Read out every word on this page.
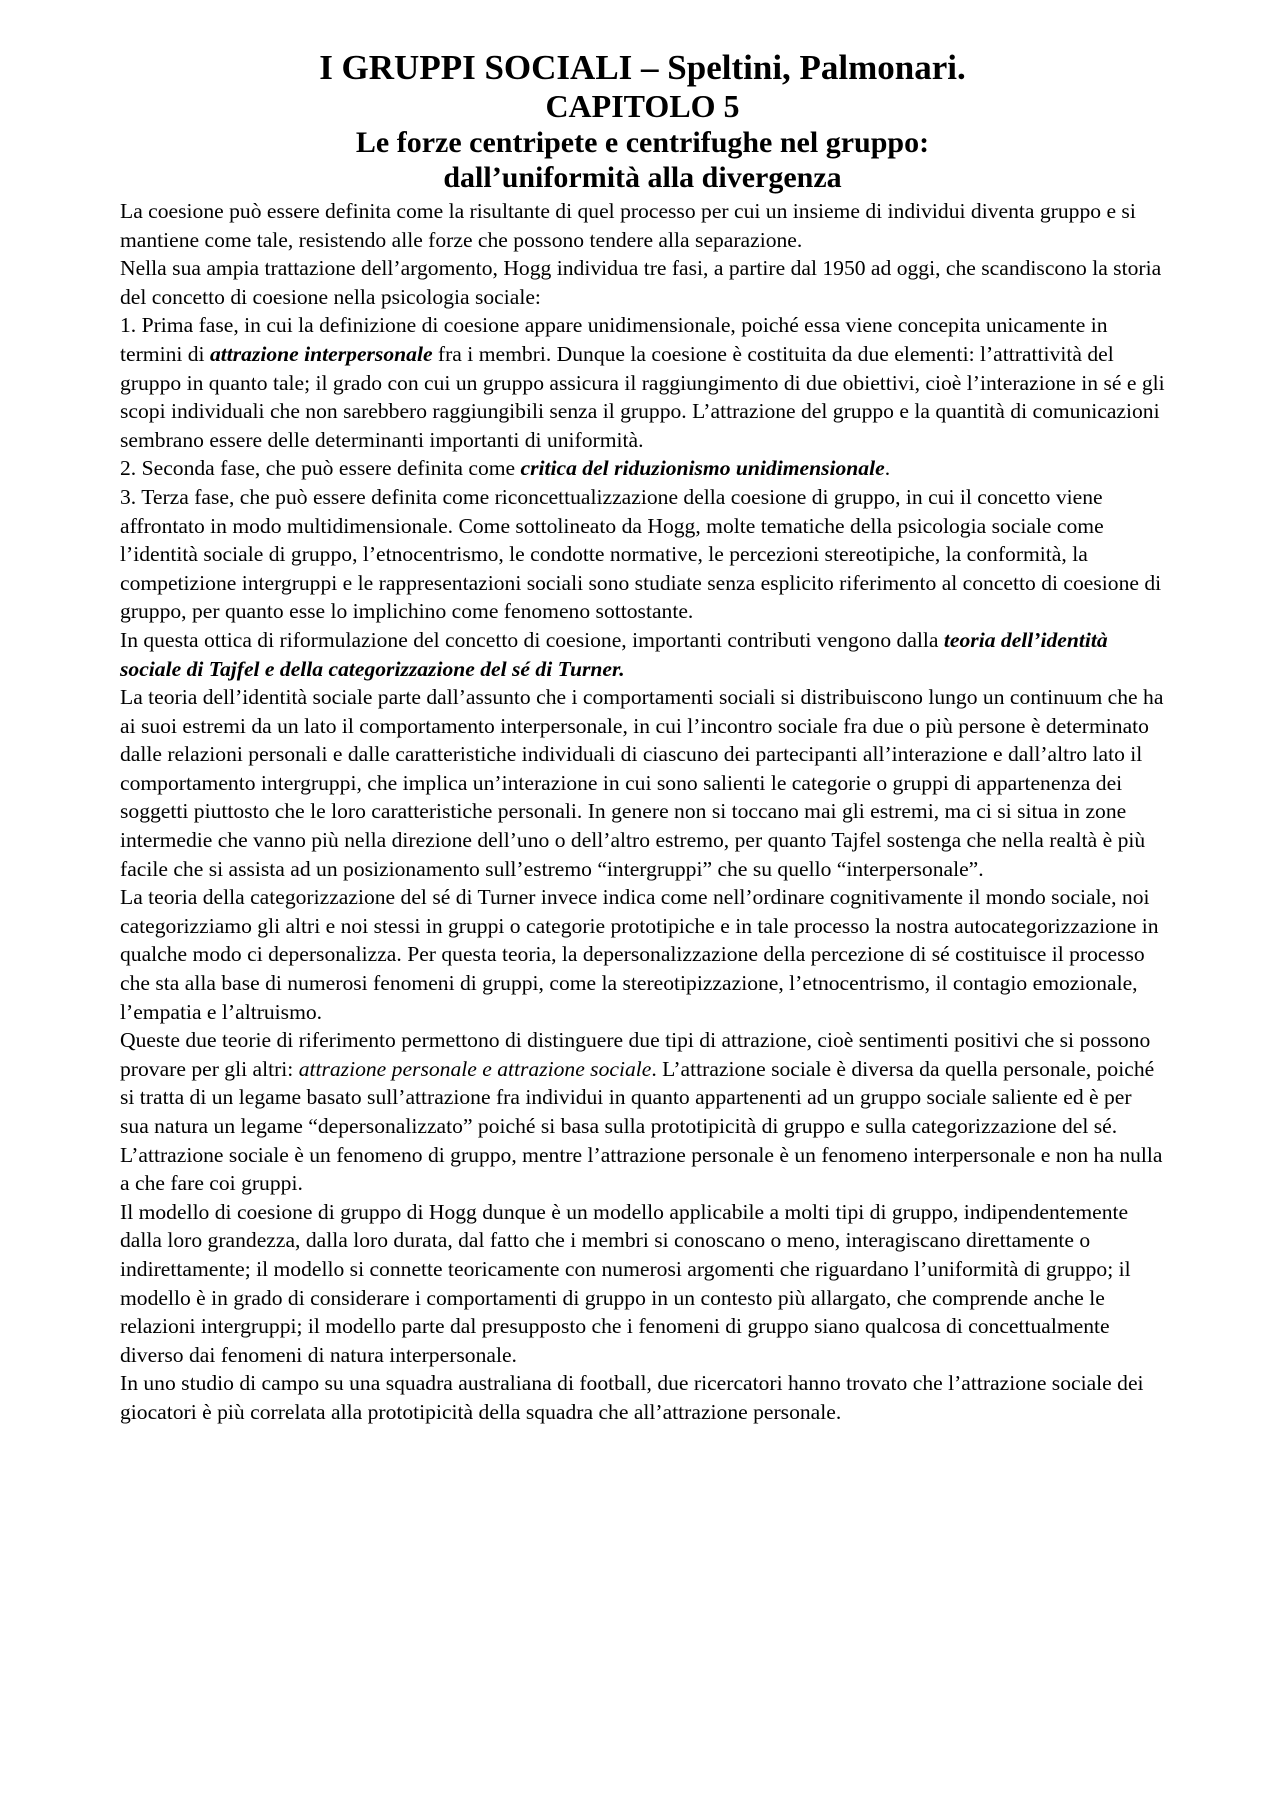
I GRUPPI SOCIALI – Speltini, Palmonari.
CAPITOLO 5
Le forze centripete e centrifughe nel gruppo:
dall’uniformità alla divergenza

La coesione può essere definita come la risultante di quel processo per cui un insieme di individui diventa gruppo e si mantiene come tale, resistendo alle forze che possono tendere alla separazione.

Nella sua ampia trattazione dell’argomento, Hogg individua tre fasi, a partire dal 1950 ad oggi, che scandiscono la storia del concetto di coesione nella psicologia sociale:

1. Prima fase, in cui la definizione di coesione appare unidimensionale, poiché essa viene concepita unicamente in termini di attrazione interpersonale fra i membri. Dunque la coesione è costituita da due elementi: l’attrattività del gruppo in quanto tale; il grado con cui un gruppo assicura il raggiungimento di due obiettivi, cioè l’interazione in sé e gli scopi individuali che non sarebbero raggiungibili senza il gruppo. L’attrazione del gruppo e la quantità di comunicazioni sembrano essere delle determinanti importanti di uniformità.

2. Seconda fase, che può essere definita come critica del riduzionismo unidimensionale.

3. Terza fase, che può essere definita come riconcettualizzazione della coesione di gruppo, in cui il concetto viene affrontato in modo multidimensionale. Come sottolineato da Hogg, molte tematiche della psicologia sociale come l’identità sociale di gruppo, l’etnocentrismo, le condotte normative, le percezioni stereotipiche, la conformità, la competizione intergruppi e le rappresentazioni sociali sono studiate senza esplicito riferimento al concetto di coesione di gruppo, per quanto esse lo implichino come fenomeno sottostante.

In questa ottica di riformulazione del concetto di coesione, importanti contributi vengono dalla teoria dell’identità sociale di Tajfel e della categorizzazione del sé di Turner.

La teoria dell’identità sociale parte dall’assunto che i comportamenti sociali si distribuiscono lungo un continuum che ha ai suoi estremi da un lato il comportamento interpersonale, in cui l’incontro sociale fra due o più persone è determinato dalle relazioni personali e dalle caratteristiche individuali di ciascuno dei partecipanti all’interazione e dall’altro lato il comportamento intergruppi, che implica un’interazione in cui sono salienti le categorie o gruppi di appartenenza dei soggetti piuttosto che le loro caratteristiche personali. In genere non si toccano mai gli estremi, ma ci si situa in zone intermedie che vanno più nella direzione dell’uno o dell’altro estremo, per quanto Tajfel sostenga che nella realtà è più facile che si assista ad un posizionamento sull’estremo “intergruppi” che su quello “interpersonale”.

La teoria della categorizzazione del sé di Turner invece indica come nell’ordinare cognitivamente il mondo sociale, noi categorizziamo gli altri e noi stessi in gruppi o categorie prototipiche e in tale processo la nostra autocategorizzazione in qualche modo ci depersonalizza. Per questa teoria, la depersonalizzazione della percezione di sé costituisce il processo che sta alla base di numerosi fenomeni di gruppi, come la stereotipizzazione, l’etnocentrismo, il contagio emozionale, l’empatia e l’altruismo.

Queste due teorie di riferimento permettono di distinguere due tipi di attrazione, cioè sentimenti positivi che si possono provare per gli altri: attrazione personale e attrazione sociale. L’attrazione sociale è diversa da quella personale, poiché si tratta di un legame basato sull’attrazione fra individui in quanto appartenenti ad un gruppo sociale saliente ed è per sua natura un legame “depersonalizzato” poiché si basa sulla prototipicità di gruppo e sulla categorizzazione del sé.

L’attrazione sociale è un fenomeno di gruppo, mentre l’attrazione personale è un fenomeno interpersonale e non ha nulla a che fare coi gruppi.

Il modello di coesione di gruppo di Hogg dunque è un modello applicabile a molti tipi di gruppo, indipendentemente dalla loro grandezza, dalla loro durata, dal fatto che i membri si conoscano o meno, interagiscano direttamente o indirettamente; il modello si connette teoricamente con numerosi argomenti che riguardano l’uniformità di gruppo; il modello è in grado di considerare i comportamenti di gruppo in un contesto più allargato, che comprende anche le relazioni intergruppi; il modello parte dal presupposto che i fenomeni di gruppo siano qualcosa di concettualmente diverso dai fenomeni di natura interpersonale.

In uno studio di campo su una squadra australiana di football, due ricercatori hanno trovato che l’attrazione sociale dei giocatori è più correlata alla prototipicità della squadra che all’attrazione personale.
